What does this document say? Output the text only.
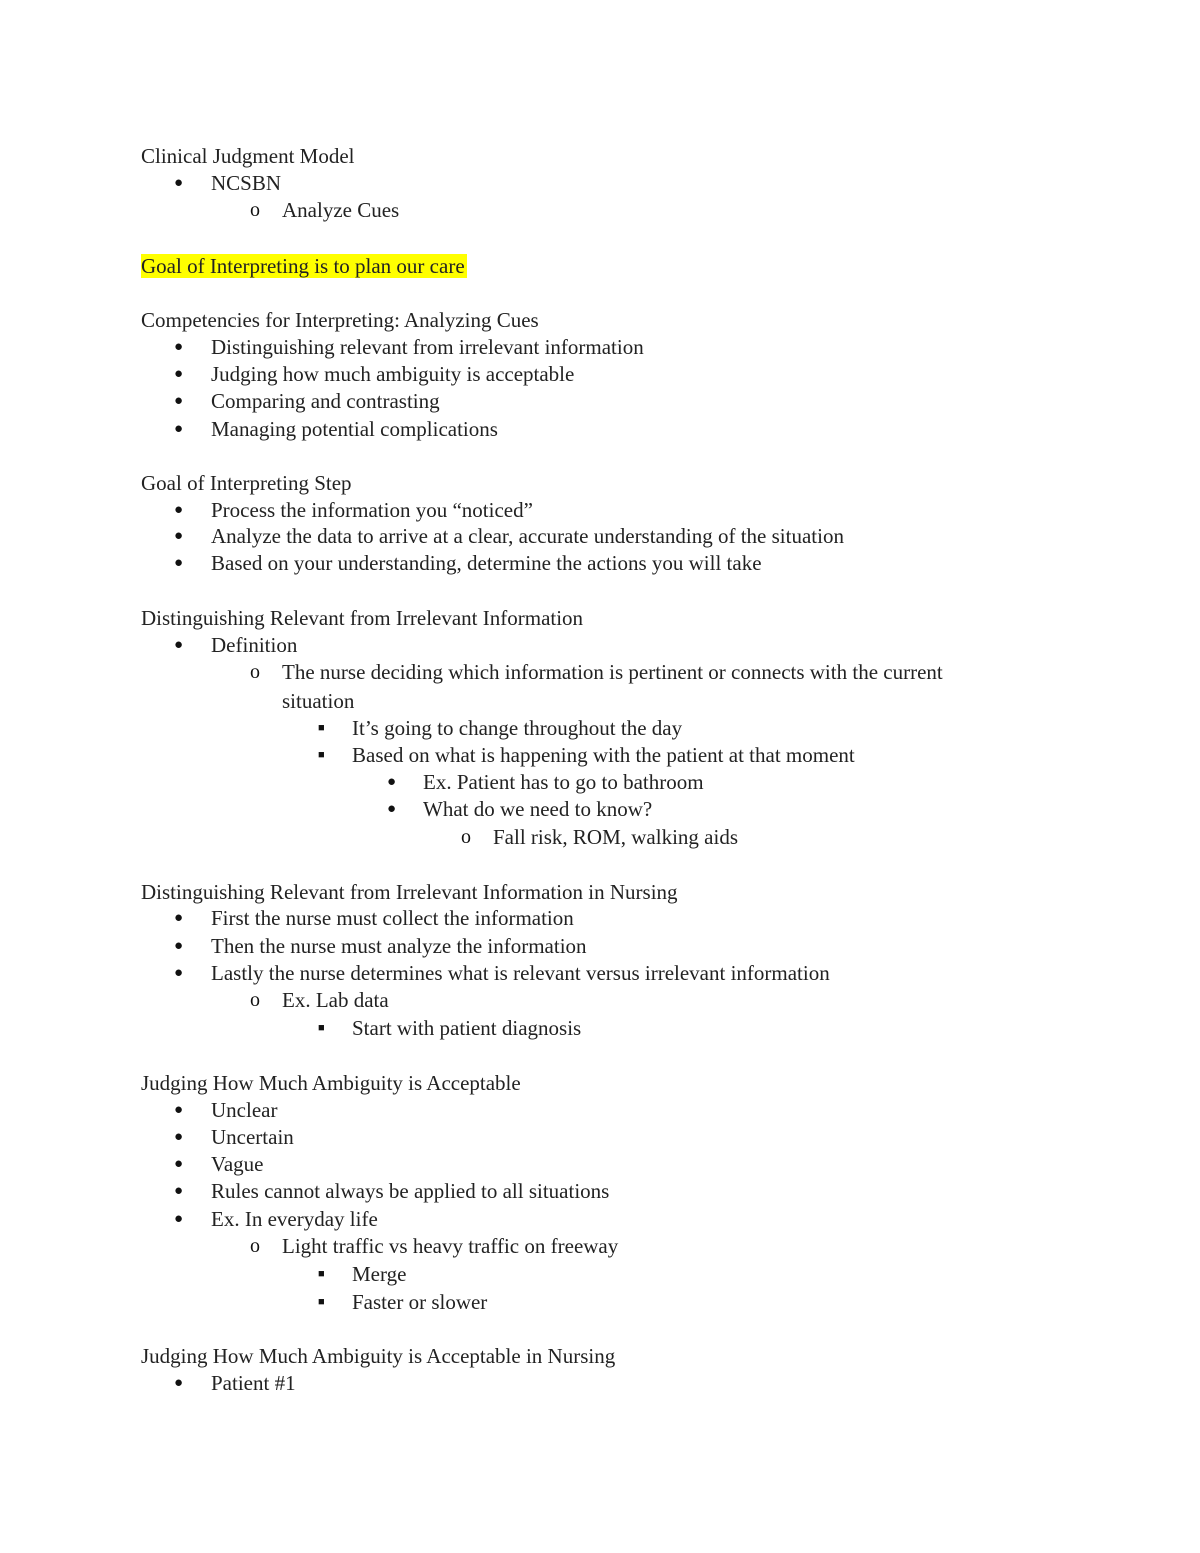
Clinical Judgment Model
● NCSBN
o Analyze Cues
Goal of Interpreting is to plan our care
Competencies for Interpreting: Analyzing Cues
● Distinguishing relevant from irrelevant information
● Judging how much ambiguity is acceptable
● Comparing and contrasting
● Managing potential complications
Goal of Interpreting Step
● Process the information you “noticed”
● Analyze the data to arrive at a clear, accurate understanding of the situation
● Based on your understanding, determine the actions you will take
Distinguishing Relevant from Irrelevant Information
● Definition
o The nurse deciding which information is pertinent or connects with the current
situation
■ It’s going to change throughout the day
■ Based on what is happening with the patient at that moment
● Ex. Patient has to go to bathroom
● What do we need to know?
o Fall risk, ROM, walking aids
Distinguishing Relevant from Irrelevant Information in Nursing
● First the nurse must collect the information
● Then the nurse must analyze the information
● Lastly the nurse determines what is relevant versus irrelevant information
o Ex. Lab data
■ Start with patient diagnosis
Judging How Much Ambiguity is Acceptable
● Unclear
● Uncertain
● Vague
● Rules cannot always be applied to all situations
● Ex. In everyday life
o Light traffic vs heavy traffic on freeway
■ Merge
■ Faster or slower
Judging How Much Ambiguity is Acceptable in Nursing
● Patient #1
